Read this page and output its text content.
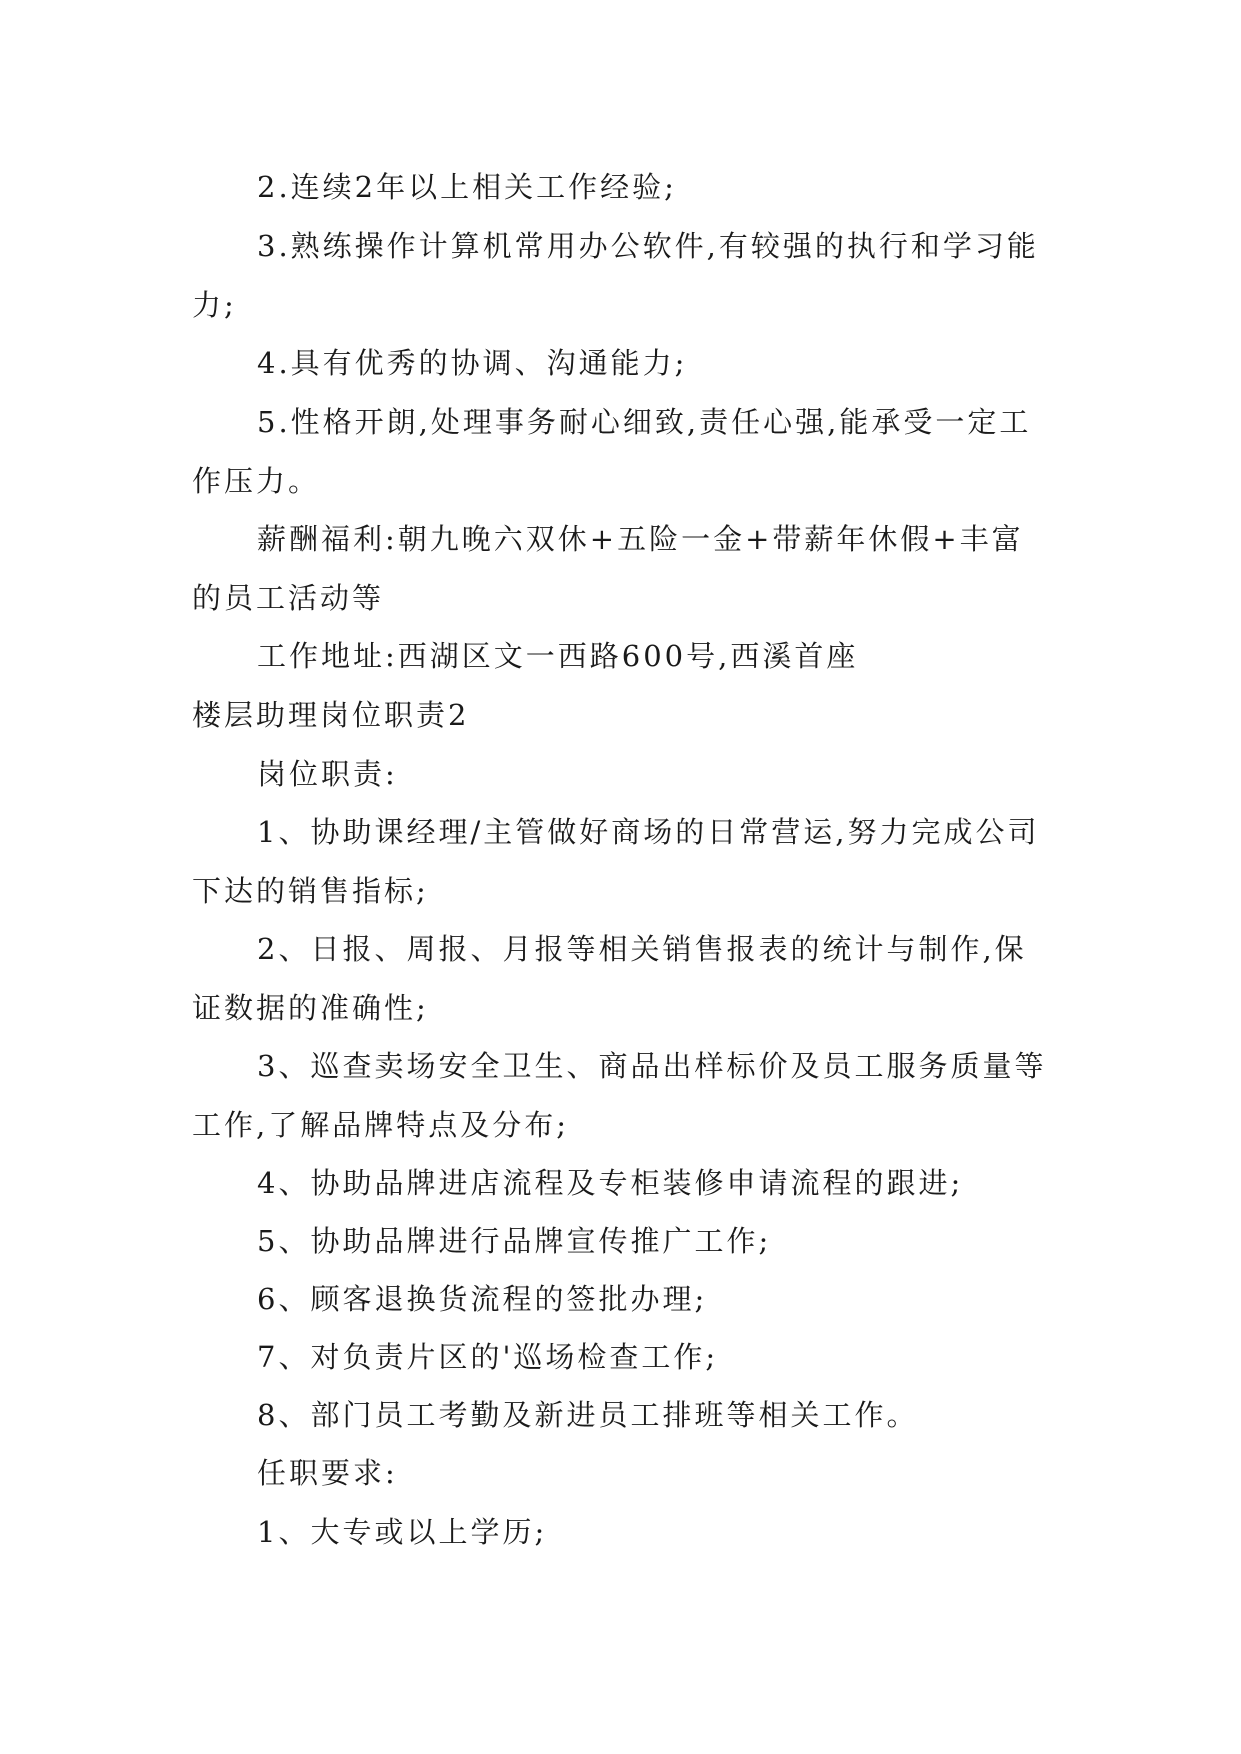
2.连续2年以上相关工作经验;

3.熟练操作计算机常用办公软件,有较强的执行和学习能力;

4.具有优秀的协调、沟通能力;

5.性格开朗,处理事务耐心细致,责任心强,能承受一定工作压力。

薪酬福利:朝九晚六双休+五险一金+带薪年休假+丰富的员工活动等

工作地址:西湖区文一西路600号,西溪首座

楼层助理岗位职责2

岗位职责:

1、协助课经理/主管做好商场的日常营运,努力完成公司下达的销售指标;

2、日报、周报、月报等相关销售报表的统计与制作,保证数据的准确性;

3、巡查卖场安全卫生、商品出样标价及员工服务质量等工作,了解品牌特点及分布;

4、协助品牌进店流程及专柜装修申请流程的跟进;

5、协助品牌进行品牌宣传推广工作;

6、顾客退换货流程的签批办理;

7、对负责片区的'巡场检查工作;

8、部门员工考勤及新进员工排班等相关工作。

任职要求:

1、大专或以上学历;
